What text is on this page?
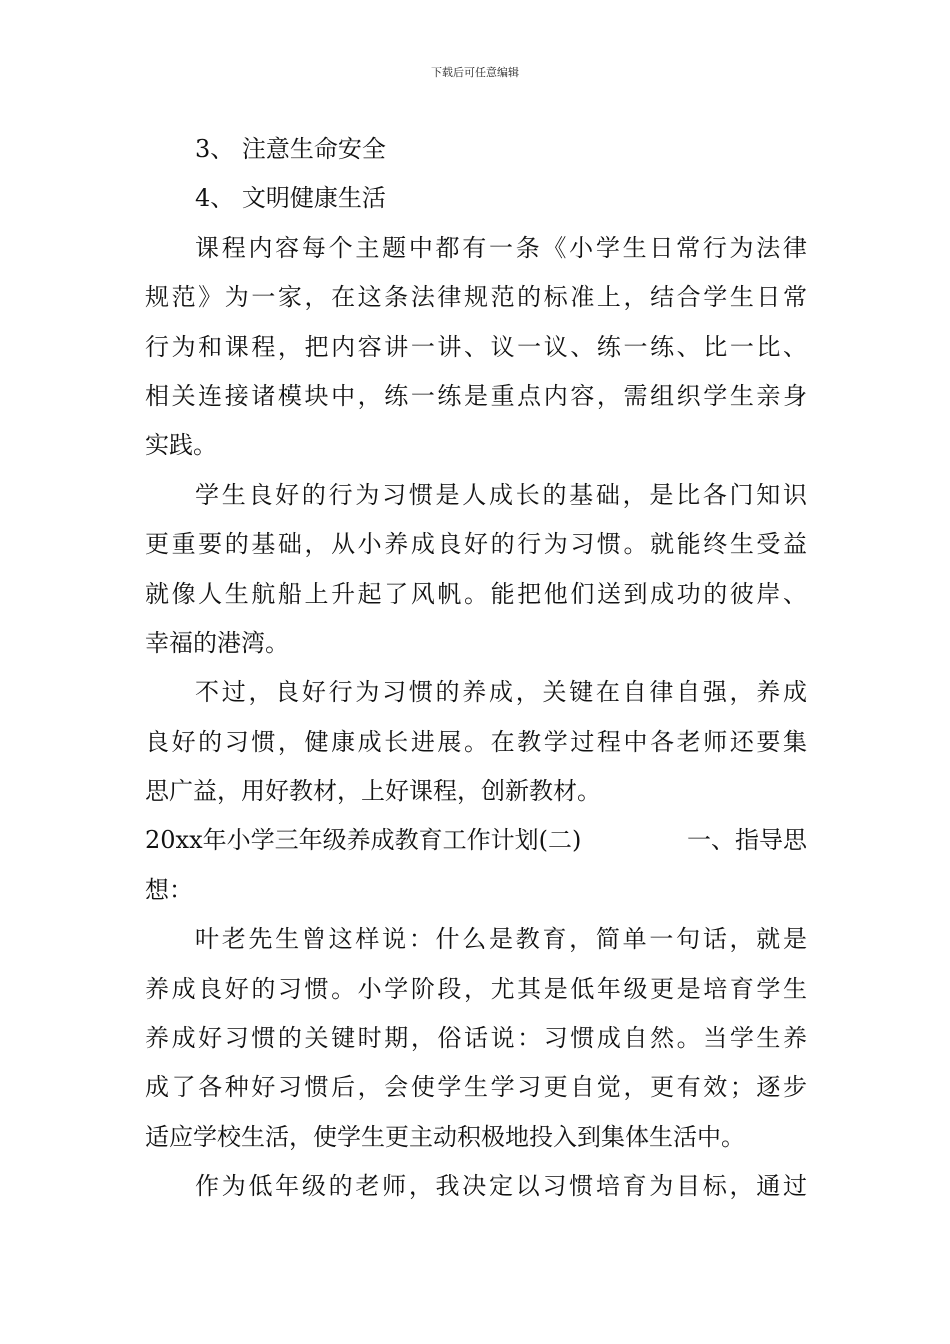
下载后可任意编辑
3、 注意生命安全
4、 文明健康生活
课程内容每个主题中都有一条《小学生日常行为法律
规范》为一家，在这条法律规范的标准上，结合学生日常
行为和课程，把内容讲一讲、议一议、练一练、比一比、
相关连接诸模块中，练一练是重点内容，需组织学生亲身
实践。
学生良好的行为习惯是人成长的基础，是比各门知识
更重要的基础，从小养成良好的行为习惯。就能终生受益
就像人生航船上升起了风帆。能把他们送到成功的彼岸、
幸福的港湾。
不过，良好行为习惯的养成，关键在自律自强，养成
良好的习惯，健康成长进展。在教学过程中各老师还要集
思广益，用好教材，上好课程，创新教材。
20xx年小学三年级养成教育工作计划(二)	一、指导思
想：
叶老先生曾这样说：什么是教育，简单一句话，就是
养成良好的习惯。小学阶段，尤其是低年级更是培育学生
养成好习惯的关键时期，俗话说：习惯成自然。当学生养
成了各种好习惯后，会使学生学习更自觉，更有效；逐步
适应学校生活，使学生更主动积极地投入到集体生活中。
作为低年级的老师，我决定以习惯培育为目标，通过
